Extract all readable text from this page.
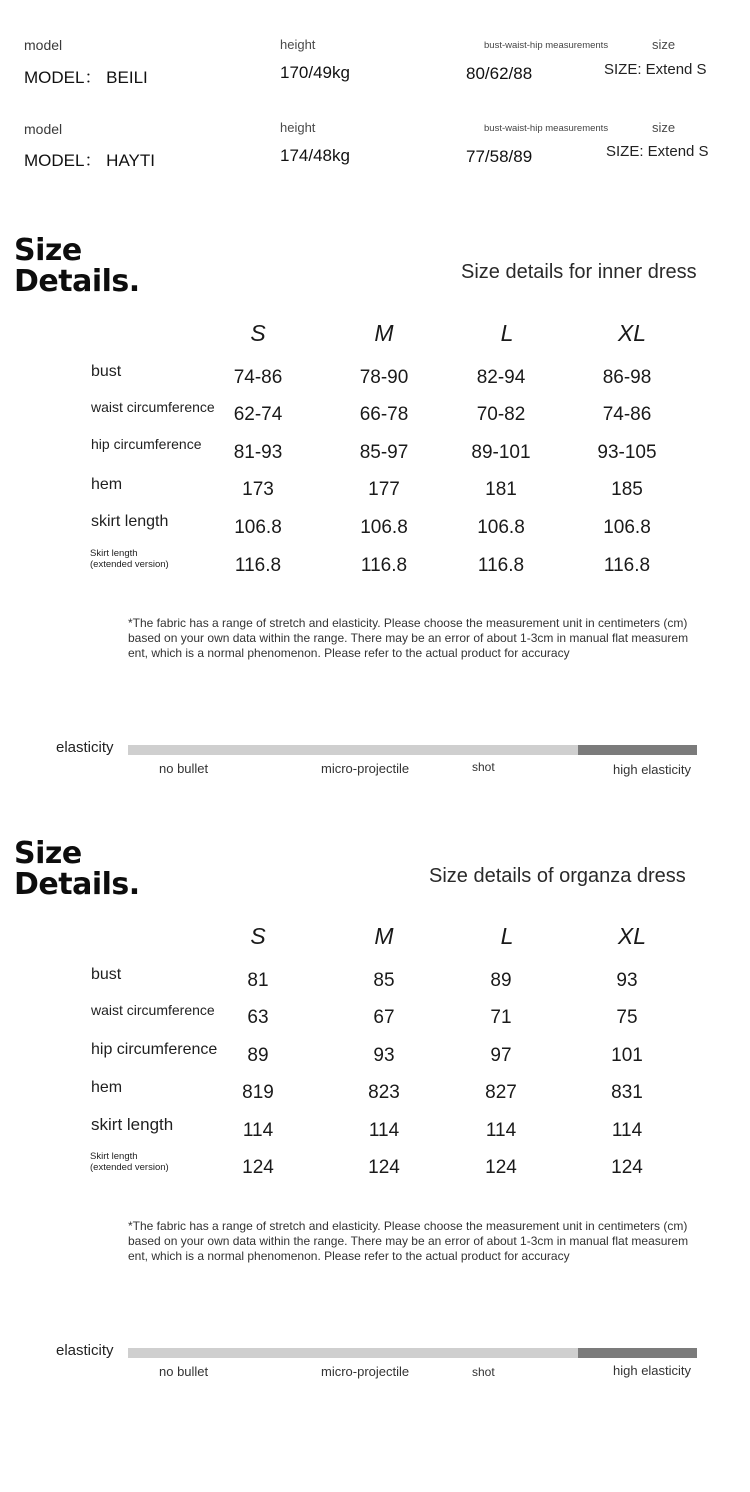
model	height	bust-waist-hip measurements	size
MODEL： BEILI	170/49kg	80/62/88	SIZE: Extend S
model	height	bust-waist-hip measurements	size
MODEL： HAYTI	174/48kg	77/58/89	SIZE: Extend S
Size
Details.	Size details for inner dress
S	M	L	XL
bust	74-86	78-90	82-94	86-98
waist circumference 62-74	66-78	70-82	74-86
hip circumference	81-93	85-97	89-101	93-105
hem	173	177	181	185
skirt length	106.8	106.8	106.8	106.8
Skirt length
(extended version)	116.8	116.8	116.8	116.8
*The fabric has a range of stretch and elasticity. Please choose the measurement unit in centimeters (cm)
based on your own data within the range. There may be an error of about 1-3cm in manual flat measurem
ent, which is a normal phenomenon. Please refer to the actual product for accuracy
elasticity
no bullet	micro-projectile	shot	high elasticity
Size
Details.	Size details of organza dress
S	M	L	XL
bust	81	85	89	93
waist circumference	63	67	71	75
hip circumference	89	93	97	101
hem	819	823	827	831
skirt length	114	114	114	114
Skirt length
(extended version)	124	124	124	124
*The fabric has a range of stretch and elasticity. Please choose the measurement unit in centimeters (cm)
based on your own data within the range. There may be an error of about 1-3cm in manual flat measurem
ent, which is a normal phenomenon. Please refer to the actual product for accuracy
elasticity
no bullet	micro-projectile	shot	high elasticity
